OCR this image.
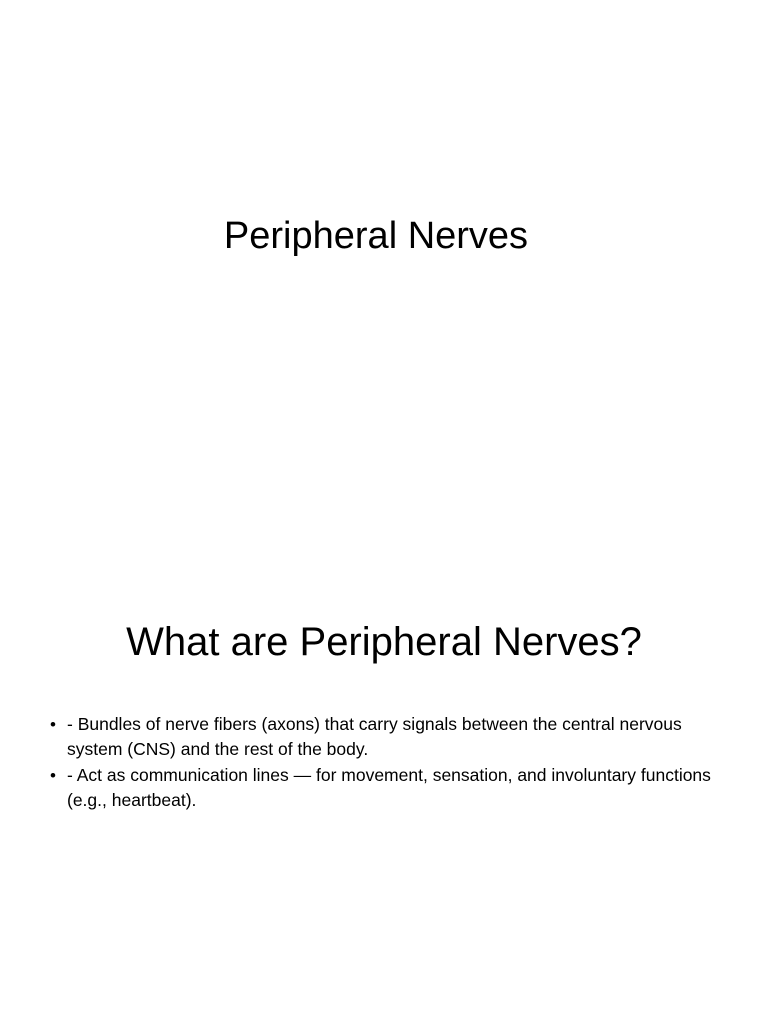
Peripheral Nerves
What are Peripheral Nerves?
• - Bundles of nerve fibers (axons) that carry signals between the central nervous system (CNS) and the rest of the body.
• - Act as communication lines — for movement, sensation, and involuntary functions (e.g., heartbeat).
